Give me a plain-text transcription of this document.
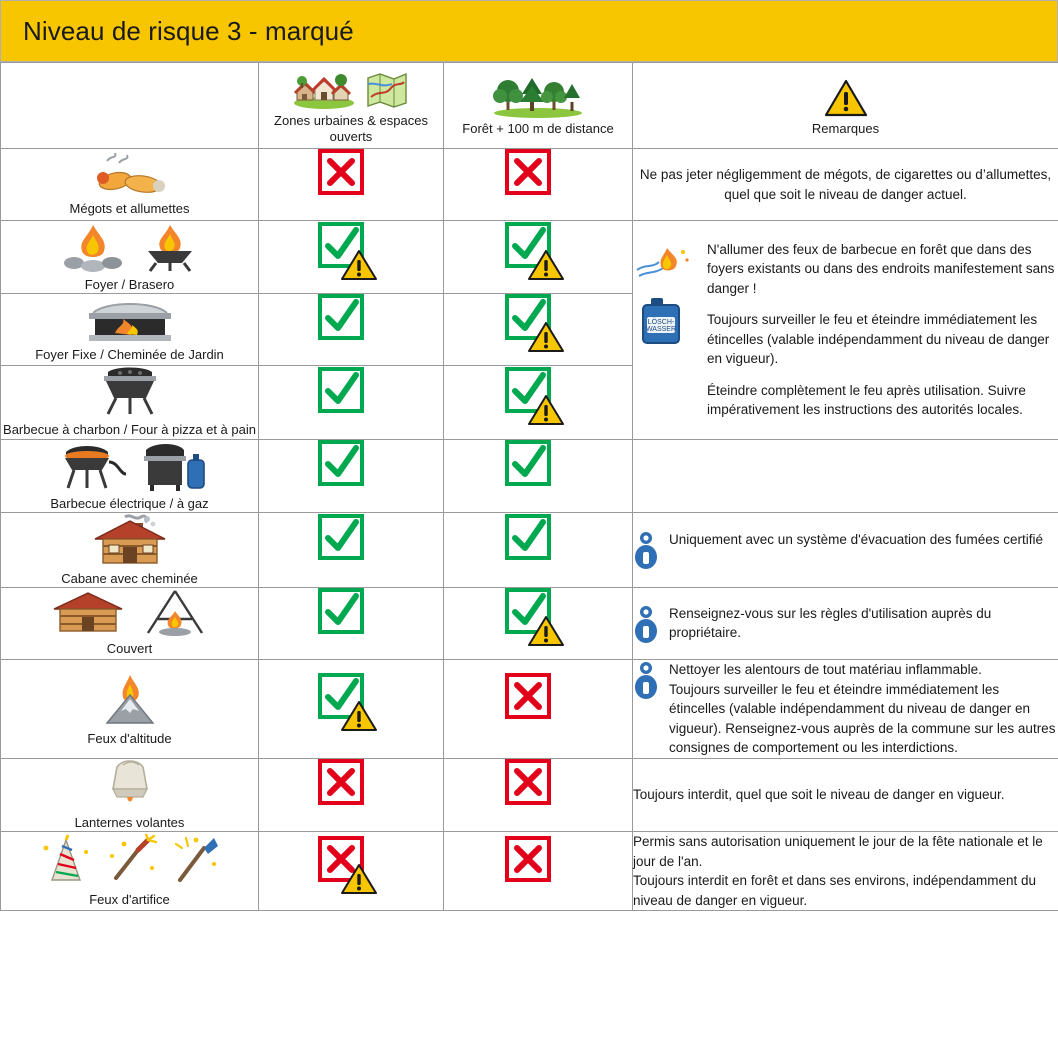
Niveau de risque 3 - marqué

	Zones urbaines & espaces ouverts	Forêt + 100 m de distance	Remarques

Mégots et allumettes			Ne pas jeter négligemment de mégots, de cigarettes ou d’allumettes, quel que soit le niveau de danger actuel.

Foyer / Brasero			LÖSCH-
WASSER

N'allumer des feux de barbecue en forêt que dans des foyers existants ou dans des endroits manifestement sans danger !

Toujours surveiller le feu et éteindre immédiatement les étincelles (valable indépendamment du niveau de danger en vigueur).

Éteindre complètement le feu après utilisation. Suivre impérativement les instructions des autorités locales.

Foyer Fixe / Cheminée de Jardin

Barbecue à charbon / Four à pizza et à pain

Barbecue électrique / à gaz

Cabane avec cheminée			Uniquement avec un système d'évacuation des fumées certifié

Couvert			Renseignez-vous sur les règles d'utilisation auprès du propriétaire.

Feux d'altitude			Nettoyer les alentours de tout matériau inflammable.
Toujours surveiller le feu et éteindre immédiatement les étincelles (valable indépendamment du niveau de danger en vigueur). Renseignez-vous auprès de la commune sur les autres consignes de comportement ou les interdictions.

Lanternes volantes			Toujours interdit, quel que soit le niveau de danger en vigueur.

Feux d'artifice			Permis sans autorisation uniquement le jour de la fête nationale et le jour de l'an.
Toujours interdit en forêt et dans ses environs, indépendamment du niveau de danger en vigueur.
